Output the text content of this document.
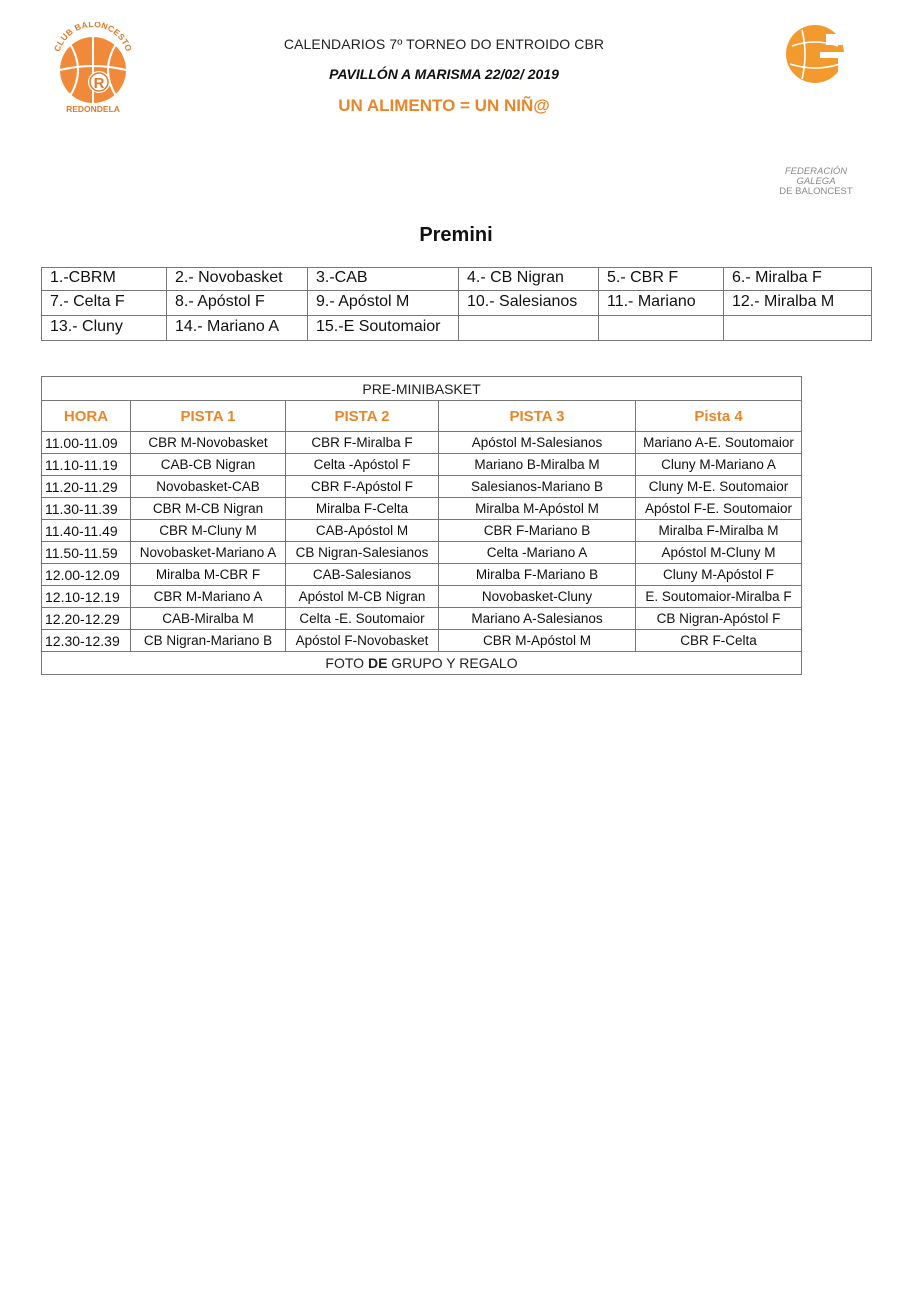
CLUB BALONCESTO
R
REDONDELA
CALENDARIOS 7º TORNEO DO ENTROIDO CBR
PAVILLÓN A MARISMA 22/02/ 2019
UN ALIMENTO = UN NIÑ@
FEDERACIÓN
GALEGA
DE BALONCEST
Premini
1.-CBRM	2.- Novobasket	3.-CAB	4.- CB Nigran	5.- CBR F	6.- Miralba F
7.- Celta F	8.- Apóstol F	9.- Apóstol M	10.- Salesianos	11.- Mariano	12.- Miralba M
13.- Cluny	14.- Mariano A	15.-E Soutomaior			
PRE-MINIBASKET				
HORA	PISTA 1	PISTA 2	PISTA 3	Pista 4
11.00-11.09	CBR M-Novobasket	CBR F-Miralba F	Apóstol M-Salesianos	Mariano A-E. Soutomaior
11.10-11.19	CAB-CB Nigran	Celta -Apóstol F	Mariano B-Miralba M	Cluny M-Mariano A
11.20-11.29	Novobasket-CAB	CBR F-Apóstol F	Salesianos-Mariano B	Cluny M-E. Soutomaior
11.30-11.39	CBR M-CB Nigran	Miralba F-Celta	Miralba M-Apóstol M	Apóstol F-E. Soutomaior
11.40-11.49	CBR M-Cluny M	CAB-Apóstol M	CBR F-Mariano B	Miralba F-Miralba M
11.50-11.59	Novobasket-Mariano A	CB Nigran-Salesianos	Celta -Mariano A	Apóstol M-Cluny M
12.00-12.09	Miralba M-CBR F	CAB-Salesianos	Miralba F-Mariano B	Cluny M-Apóstol F
12.10-12.19	CBR M-Mariano A	Apóstol M-CB Nigran	Novobasket-Cluny	E. Soutomaior-Miralba F
12.20-12.29	CAB-Miralba M	Celta -E. Soutomaior	Mariano A-Salesianos	CB Nigran-Apóstol F
12.30-12.39	CB Nigran-Mariano B	Apóstol F-Novobasket	CBR M-Apóstol M	CBR F-Celta
FOTO DE GRUPO Y REGALO				
